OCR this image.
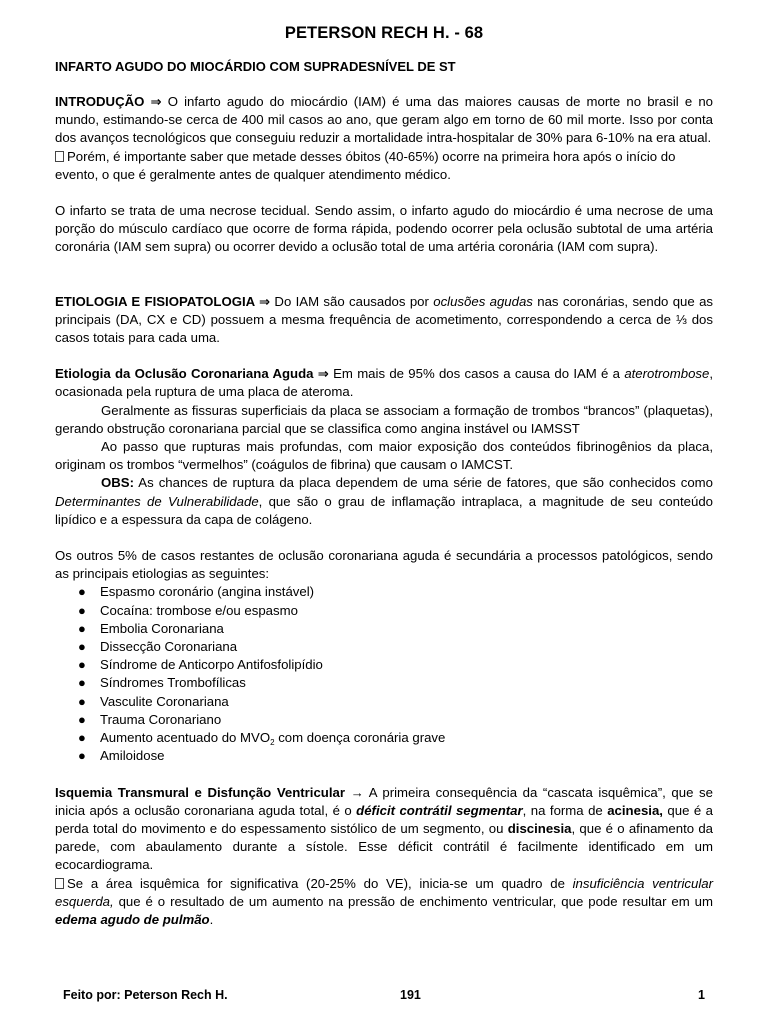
PETERSON RECH H. - 68
INFARTO AGUDO DO MIOCÁRDIO COM SUPRADESNÍVEL DE ST

INTRODUÇÃO ⇒ O infarto agudo do miocárdio (IAM) é uma das maiores causas de morte no brasil e no mundo, estimando-se cerca de 400 mil casos ao ano, que geram algo em torno de 60 mil morte. Isso por conta dos avanços tecnológicos que conseguiu reduzir a mortalidade intra-hospitalar de 30% para 6-10% na era atual.

Porém, é importante saber que metade desses óbitos (40-65%) ocorre na primeira hora após o início do evento, o que é geralmente antes de qualquer atendimento médico.

O infarto se trata de uma necrose tecidual. Sendo assim, o infarto agudo do miocárdio é uma necrose de uma porção do músculo cardíaco que ocorre de forma rápida, podendo ocorrer pela oclusão subtotal de uma artéria coronária (IAM sem supra) ou ocorrer devido a oclusão total de uma artéria coronária (IAM com supra).

ETIOLOGIA E FISIOPATOLOGIA ⇒ Do IAM são causados por oclusões agudas nas coronárias, sendo que as principais (DA, CX e CD) possuem a mesma frequência de acometimento, correspondendo a cerca de ⅓ dos casos totais para cada uma.

Etiologia da Oclusão Coronariana Aguda ⇒ Em mais de 95% dos casos a causa do IAM é a aterotrombose, ocasionada pela ruptura de uma placa de ateroma.

Geralmente as fissuras superficiais da placa se associam a formação de trombos “brancos” (plaquetas), gerando obstrução coronariana parcial que se classifica como angina instável ou IAMSST

Ao passo que rupturas mais profundas, com maior exposição dos conteúdos fibrinogênios da placa, originam os trombos “vermelhos” (coágulos de fibrina) que causam o IAMCST.

OBS: As chances de ruptura da placa dependem de uma série de fatores, que são conhecidos como Determinantes de Vulnerabilidade, que são o grau de inflamação intraplaca, a magnitude de seu conteúdo lipídico e a espessura da capa de colágeno.

Os outros 5% de casos restantes de oclusão coronariana aguda é secundária a processos patológicos, sendo as principais etiologias as seguintes:

● Espasmo coronário (angina instável)
● Cocaína: trombose e/ou espasmo
● Embolia Coronariana
● Dissecção Coronariana
● Síndrome de Anticorpo Antifosfolipídio
● Síndromes Trombofílicas
● Vasculite Coronariana
● Trauma Coronariano
● Aumento acentuado do $MVO_2$ com doença coronária grave
● Amiloidose

Isquemia Transmural e Disfunção Ventricular → A primeira consequência da “cascata isquêmica”, que se inicia após a oclusão coronariana aguda total, é o déficit contrátil segmentar, na forma de acinesia, que é a perda total do movimento e do espessamento sistólico de um segmento, ou discinesia, que é o afinamento da parede, com abaulamento durante a sístole. Esse déficit contrátil é facilmente identificado em um ecocardiograma.

Se a área isquêmica for significativa (20-25% do VE), inicia-se um quadro de insuficiência ventricular esquerda, que é o resultado de um aumento na pressão de enchimento ventricular, que pode resultar em um edema agudo de pulmão.

Feito por: Peterson Rech H.	191	1
